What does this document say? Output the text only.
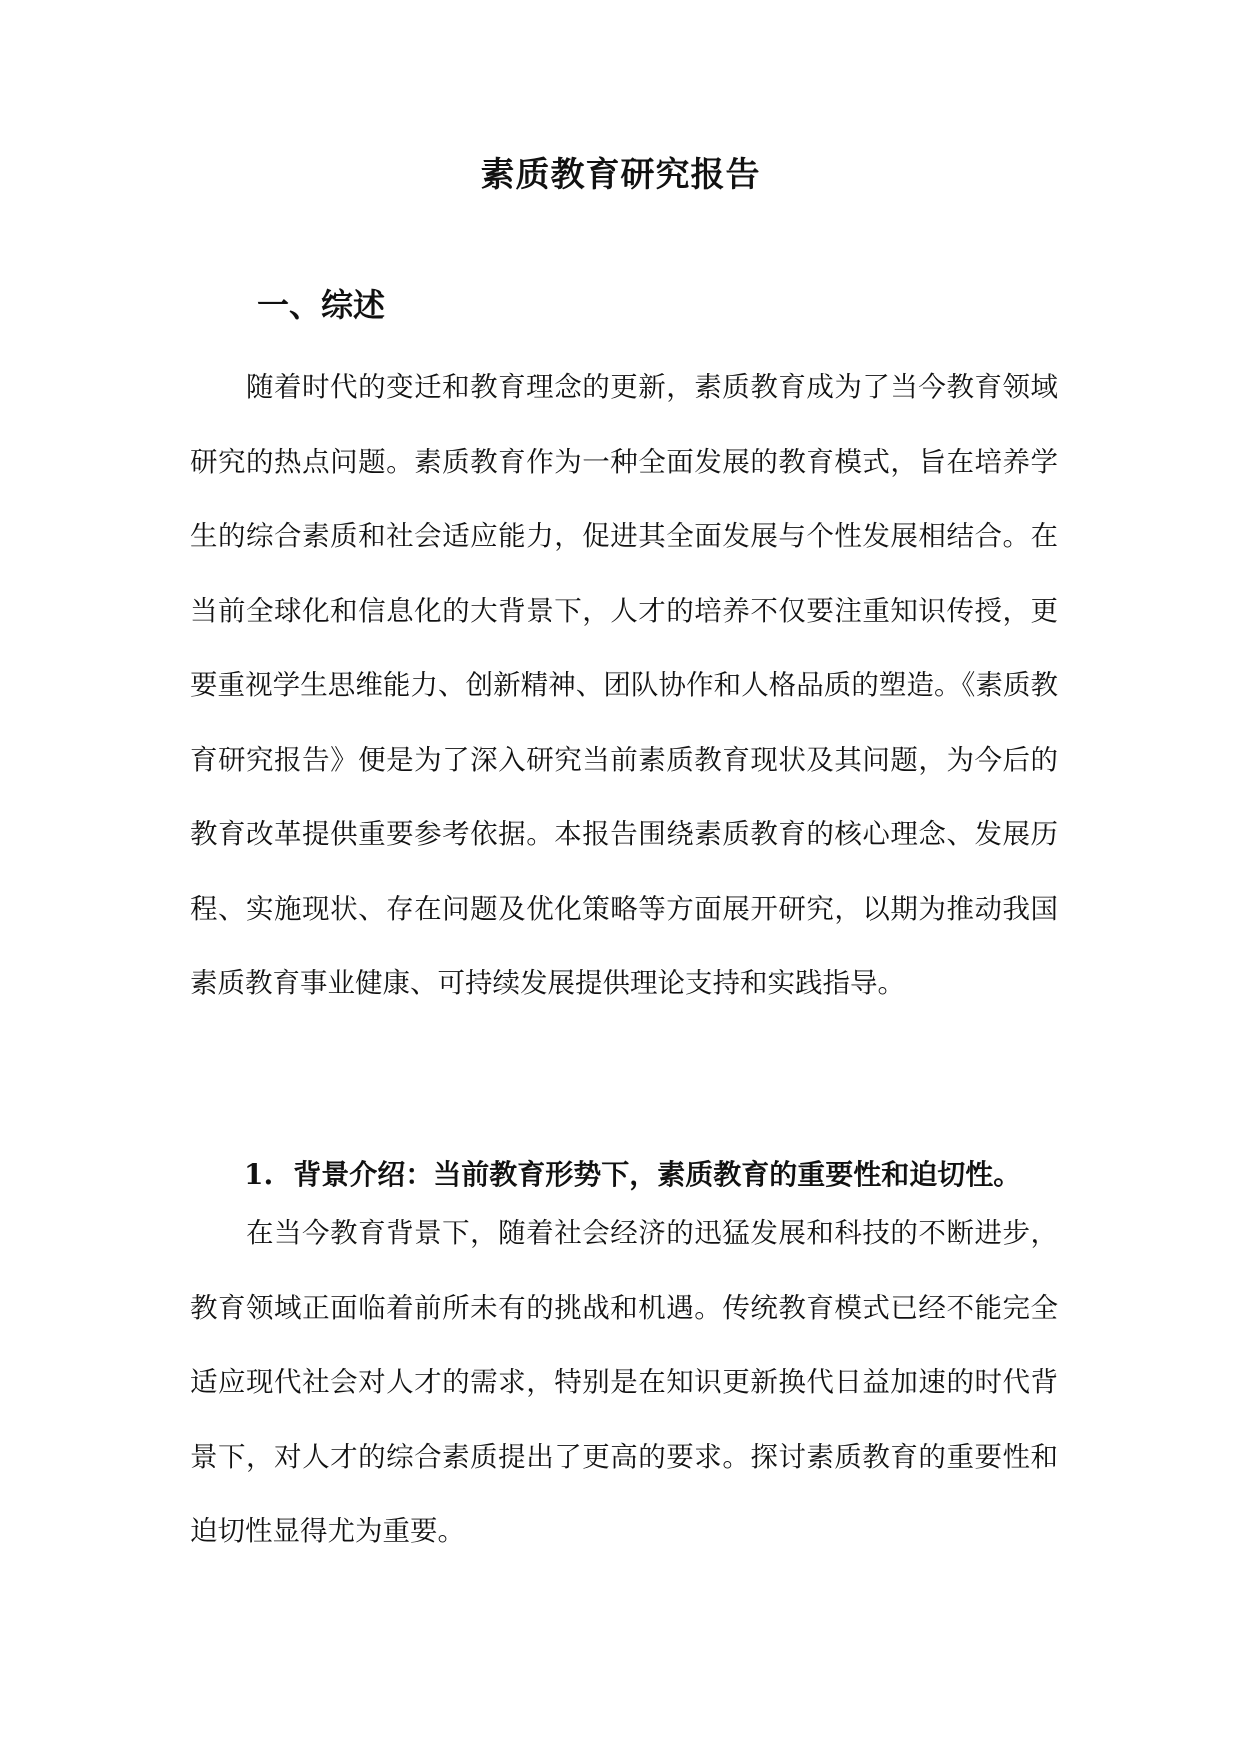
素质教育研究报告
一、综述

随着时代的变迁和教育理念的更新，素质教育成为了当今教育领域研究的热点问题。素质教育作为一种全面发展的教育模式，旨在培养学生的综合素质和社会适应能力，促进其全面发展与个性发展相结合。在当前全球化和信息化的大背景下，人才的培养不仅要注重知识传授，更要重视学生思维能力、创新精神、团队协作和人格品质的塑造。《素质教育研究报告》便是为了深入研究当前素质教育现状及其问题，为今后的教育改革提供重要参考依据。本报告围绕素质教育的核心理念、发展历程、实施现状、存在问题及优化策略等方面展开研究，以期为推动我国素质教育事业健康、可持续发展提供理论支持和实践指导。

1. 背景介绍：当前教育形势下，素质教育的重要性和迫切性。

在当今教育背景下，随着社会经济的迅猛发展和科技的不断进步，教育领域正面临着前所未有的挑战和机遇。传统教育模式已经不能完全适应现代社会对人才的需求，特别是在知识更新换代日益加速的时代背景下，对人才的综合素质提出了更高的要求。探讨素质教育的重要性和迫切性显得尤为重要。
